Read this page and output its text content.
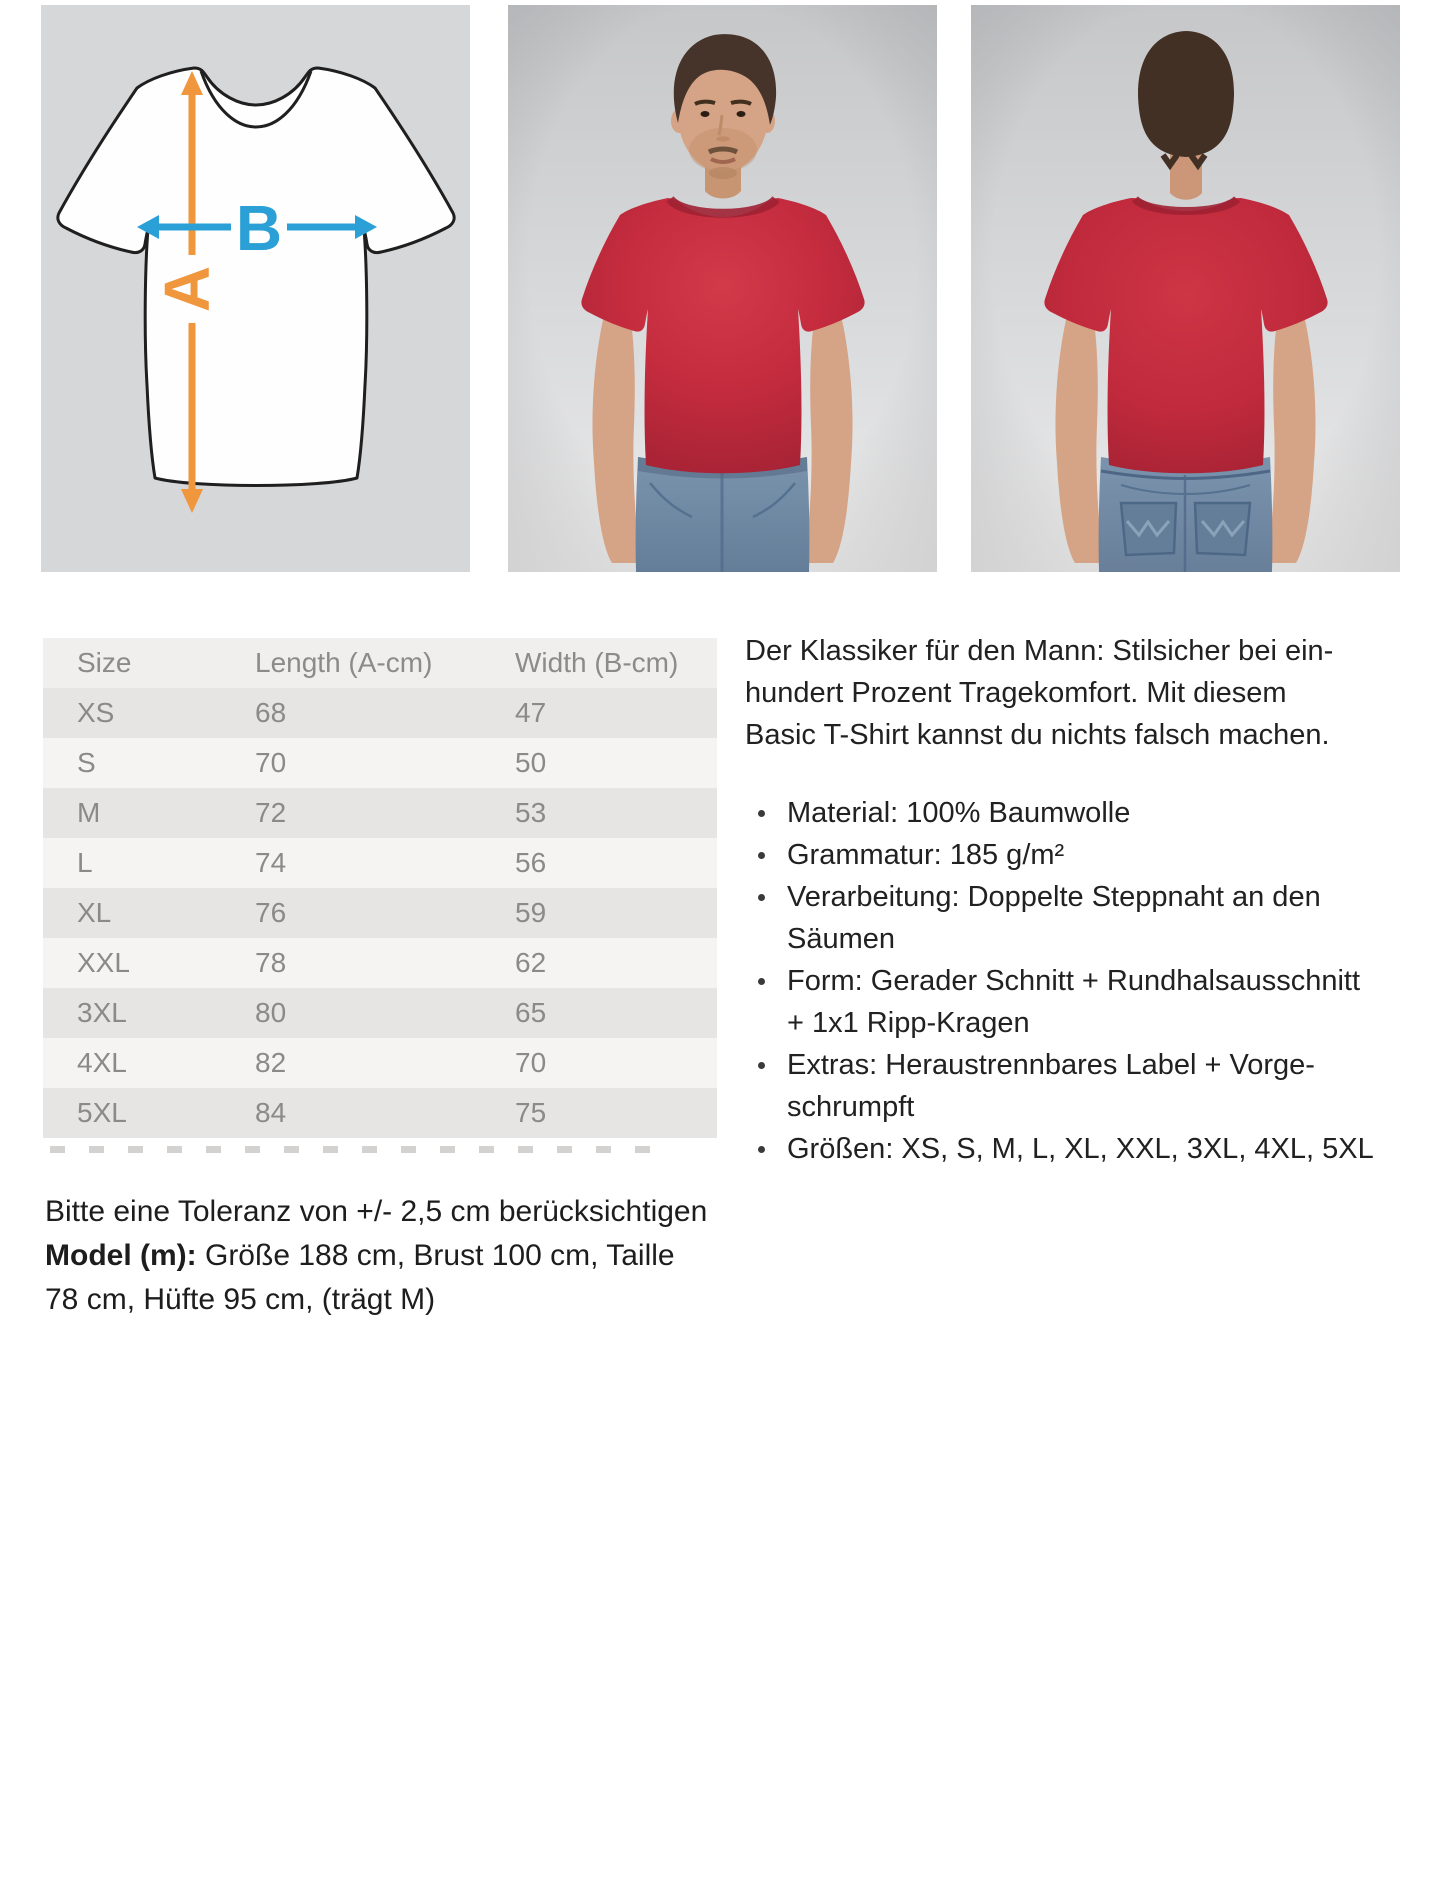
A
B
Size	Length (A-cm)	Width (B-cm)
XS	68	47
S	70	50
M	72	53
L	74	56
XL	76	59
XXL	78	62
3XL	80	65
4XL	82	70
5XL	84	75
Der Klassiker für den Mann: Stilsicher bei ein-
hundert Prozent Tragekomfort. Mit diesem
Basic T-Shirt kannst du nichts falsch machen.
Material: 100% Baumwolle
Grammatur: 185 g/m²
Verarbeitung: Doppelte Steppnaht an den
Säumen
Form: Gerader Schnitt + Rundhalsausschnitt
+ 1x1 Ripp-Kragen
Extras: Heraustrennbares Label + Vorge-
schrumpft
Größen: XS, S, M, L, XL, XXL, 3XL, 4XL, 5XL
Bitte eine Toleranz von +/- 2,5 cm berücksichtigen
Model (m): Größe 188 cm, Brust 100 cm, Taille
78 cm, Hüfte 95 cm, (trägt M)
